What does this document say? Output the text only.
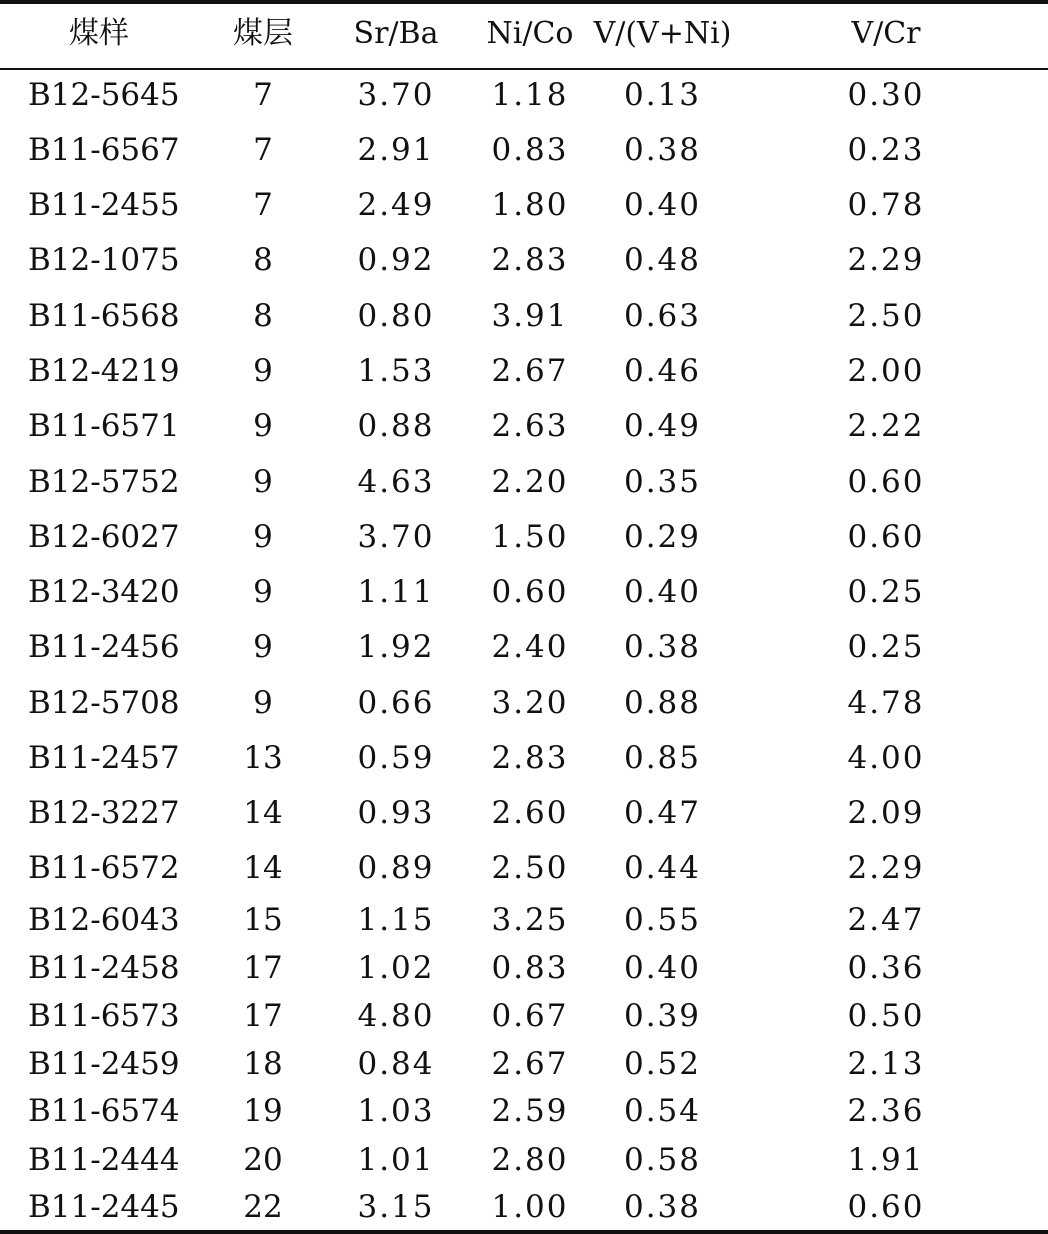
煤样	煤层	Sr/Ba	Ni/Co V/(V+Ni)	V/Cr
B12-5645	7	3.70	1.18	0.13	0.30
B11-6567	7	2.91	0.83	0.38	0.23
B11-2455	7	2.49	1.80	0.40	0.78
B12-1075	8	0.92	2.83	0.48	2.29
B11-6568	8	0.80	3.91	0.63	2.50
B12-4219	9	1.53	2.67	0.46	2.00
B11-6571	9	0.88	2.63	0.49	2.22
B12-5752	9	4.63	2.20	0.35	0.60
B12-6027	9	3.70	1.50	0.29	0.60
B12-3420	9	1.11	0.60	0.40	0.25
B11-2456	9	1.92	2.40	0.38	0.25
B12-5708	9	0.66	3.20	0.88	4.78
B11-2457	13	0.59	2.83	0.85	4.00
B12-3227	14	0.93	2.60	0.47	2.09
B11-6572	14	0.89	2.50	0.44	2.29
B12-6043	15	1.15	3.25	0.55	2.47
B11-2458	17	1.02	0.83	0.40	0.36
B11-6573	17	4.80	0.67	0.39	0.50
B11-2459	18	0.84	2.67	0.52	2.13
B11-6574	19	1.03	2.59	0.54	2.36
B11-2444	20	1.01	2.80	0.58	1.91
B11-2445	22	3.15	1.00	0.38	0.60
